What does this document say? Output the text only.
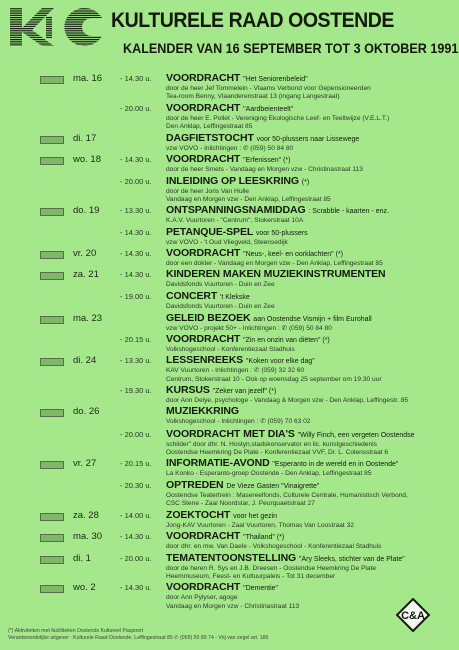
KULTURELE RAAD OOSTENDE
KALENDER VAN 16 SEPTEMBER TOT 3 OKTOBER 1991
ma. 16 - 14.30 u. VOORDRACHT "Het Seniorenbeleid"
door de heer Jef Tommelein - Vlaams Verbond voor Gepensioneerden
Tea-room Benny, Vlaanderenstraat 13 (ingang Langestraat)
- 20.00 u. VOORDRACHT "Aardbeienteelt"
door de heer E. Pollet - Vereniging Ekologische Leef- en Teeltwijze (V.E.L.T.)
Den Anklap, Leffingestraat 85
di. 17	DAGFIETSTOCHT voor 50-plussers naar Lissewege
vzw VOVO - Inlichtingen : ✆ (059) 50 84 80
wo. 18	- 14.30 u. VOORDRACHT "Erfenissen" (*)
door de heer Smets - Vandaag en Morgen vzw - Christinastraat 113
- 20.00 u. INLEIDING OP LEESKRING (*)
door de heer Joris Van Hulle
Vandaag en Morgen vzw - Den Anklap, Leffingestraat 85
do. 19	- 13.30 u. ONTSPANNINGSNAMIDDAG : Scrabble - kaarten - enz.
K.A.V. Vuurtoren - "Centrum", Stokerstraat 10A
- 14.30 u. PETANQUE-SPEL voor 50-plussers
vzw VOVO - 't Oud Vliegveld, Steensedijk
vr. 20	- 14.30 u. VOORDRACHT "Neus-, keel- en oorklachten" (*)
door een dokter - Vandaag en Morgen vzw - Den Anklap, Leffingestraat 85
za. 21	- 14.30 u. KINDEREN MAKEN MUZIEKINSTRUMENTEN
Davidsfonds Vuurtoren - Duin en Zee
- 19.00 u. CONCERT 't Klekske
Davidsfonds Vuurtoren - Duin en Zee
ma. 23	GELEID BEZOEK aan Oostendse Vismijn + film Eurohall
vzw VOVO - projekt 50+ - Inlichtingen : ✆ (059) 50 84 80
- 20.15 u. VOORDRACHT "Zin en onzin van diëten" (*)
Volkshogeschool - Konferentiezaal Stadhuis
di. 24	- 13.30 u. LESSENREEKS "Koken voor elke dag"
KAV Vuurtoren - Inlichtingen : ✆ (059) 32 32 60
Centrum, Stokerstraat 10 - Ook op woensdag 25 september om 19.30 uur
- 19.30 u. KURSUS "Zeker van jezelf" (*)
door Ann Delye, psychologe - Vandaag & Morgen vzw - Den Anklap, Leffingestr. 85
do. 26	MUZIEKKRING
Volkshogeschool - Inlichtingen : ✆ (059) 70 63 02
- 20.00 u. VOORDRACHT MET DIA'S "Willy Finch, een vergeten Oostendse
schilder" door dhr. N. Hostyn,stadskonservator en lic. kunstgeschiedenis
Oostendse Heemkring De Plate - Konferentiezaal VVF, Dr. L. Colensstraat 6
vr. 27	- 20.15 u. INFORMATIE-AVOND "Esperanto in de wereld en in Oostende"
La Konko - Esperanto-groep Oostende - Den Anklap, Leffingestraat 85
- 20.30 u. OPTREDEN De Vieze Gasten "Vinaigrette"
Oostendse Teatertrein : Masereelfonds, Culturele Centrale, Humanistisch Verbond,
CSC Stene - Zaal Noordstar, J. Peurquaetstraat 27
za. 28	- 14.00 u. ZOEKTOCHT voor het gezin
Jong-KAV Vuurtoren - Zaal Vuurtoren, Thomas Van Loostraat 32
ma. 30 - 14.30 u. VOORDRACHT "Thailand" (*)
door dhr. en mw. Van Daele - Volkshogeschool - Konferentiezaal Stadhuis
di. 1	- 20.00 u. TEMATENTOONSTELLING "Ary Sleeks, stichter van de Plate"
door de heren R. Sys en J.B. Dreesen - Oostendse Heemkring De Plate
Heemmuseum, Feest- en Kultuurpaleis - Tot 31 december
wo. 2	- 14.30 u. VOORDRACHT "Dementie"
door Ann Pylyser, agoge
Vandaag en Morgen vzw - Christinastraat 113
(*) Aktiviteiten met facilliteiten Oostends Kultureel Paspoort
Verantwoordelijke uitgever : Kulturele Raad Oostende, Leffingestraat 85 ✆ (059) 50 89 74 - Vrij van zegel art. 186
C&A
